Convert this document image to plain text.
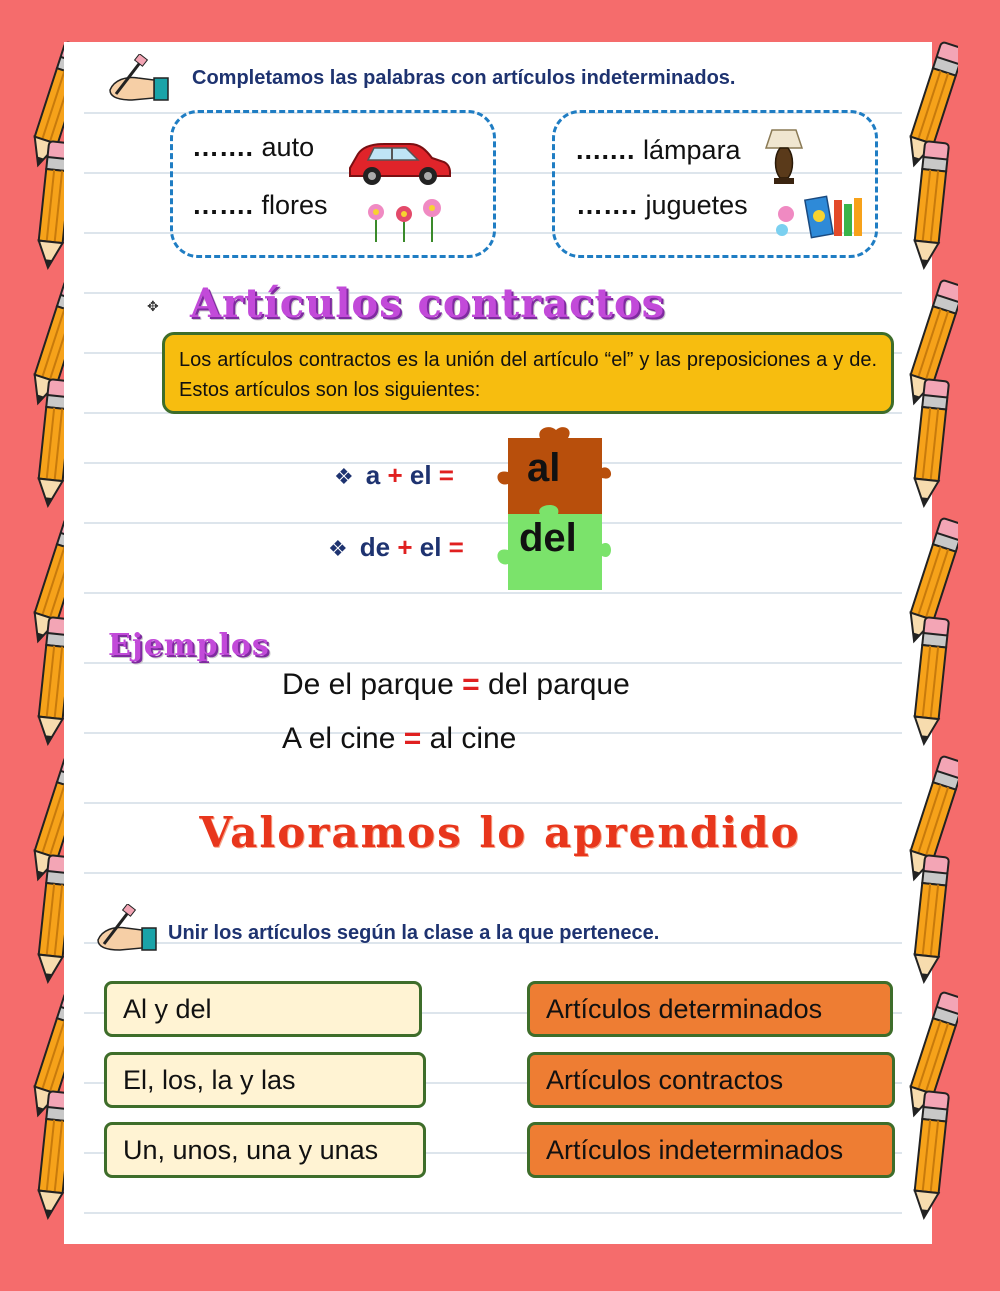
Completamos las palabras con artículos indeterminados.
….... auto
….... flores
....... lámpara
….... juguetes
✥ Artículos contractos
Los artículos contractos es la unión del artículo “el” y las preposiciones a y de. Estos artículos son los siguientes:
❖ a + el =
❖ de + el =
al
del
Ejemplos
De el parque = del parque
A el cine = al cine
Valoramos lo aprendido
Unir los artículos según la clase a la que pertenece.
Al y del
El, los, la y las
Un, unos, una y unas
Artículos determinados
Artículos contractos
Artículos indeterminados
